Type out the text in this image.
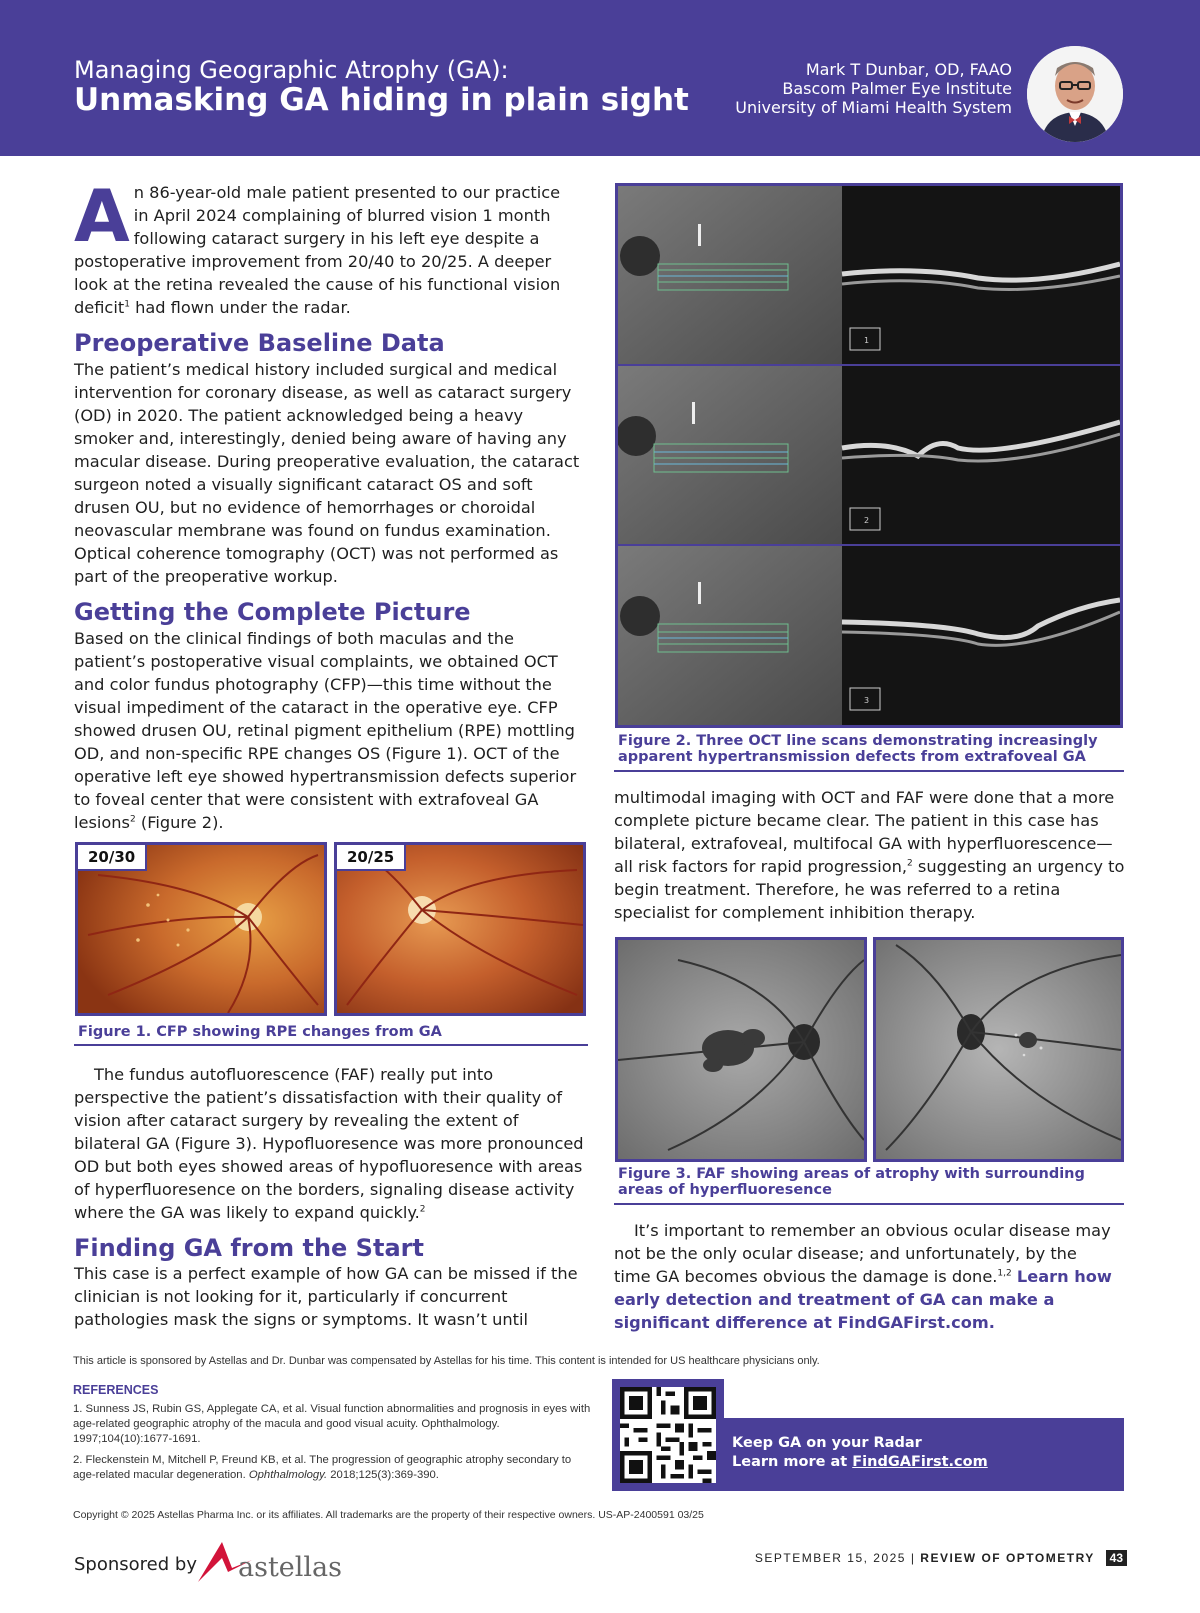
Managing Geographic Atrophy (GA):
Unmasking GA hiding in plain sight
Mark T Dunbar, OD, FAAO
Bascom Palmer Eye Institute
University of Miami Health System
An 86-year-old male patient presented to our practice in April 2024 complaining of blurred vision 1 month following cataract surgery in his left eye despite a postoperative improvement from 20/40 to 20/25. A deeper look at the retina revealed the cause of his functional vision deficit$^1$ had flown under the radar.
Preoperative Baseline Data
The patient’s medical history included surgical and medical intervention for coronary disease, as well as cataract surgery (OD) in 2020. The patient acknowledged being a heavy smoker and, interestingly, denied being aware of having any macular disease. During preoperative evaluation, the cataract surgeon noted a visually significant cataract OS and soft drusen OU, but no evidence of hemorrhages or choroidal neovascular membrane was found on fundus examination. Optical coherence tomography (OCT) was not performed as part of the preoperative workup.
Getting the Complete Picture
Based on the clinical findings of both maculas and the patient’s postoperative visual complaints, we obtained OCT and color fundus photography (CFP)—this time without the visual impediment of the cataract in the operative eye. CFP showed drusen OU, retinal pigment epithelium (RPE) mottling OD, and non-specific RPE changes OS (Figure 1). OCT of the operative left eye showed hypertransmission defects superior to foveal center that were consistent with extrafoveal GA lesions$^2$ (Figure 2).
20/30	20/25
Figure 1. CFP showing RPE changes from GA
The fundus autofluorescence (FAF) really put into perspective the patient’s dissatisfaction with their quality of vision after cataract surgery by revealing the extent of bilateral GA (Figure 3). Hypofluoresence was more pronounced OD but both eyes showed areas of hypofluoresence with areas of hyperfluoresence on the borders, signaling disease activity where the GA was likely to expand quickly.$^2$
Finding GA from the Start
This case is a perfect example of how GA can be missed if the clinician is not looking for it, particularly if concurrent pathologies mask the signs or symptoms. It wasn’t until
1
2
3
Figure 2. Three OCT line scans demonstrating increasingly apparent hypertransmission defects from extrafoveal GA
multimodal imaging with OCT and FAF were done that a more complete picture became clear. The patient in this case has bilateral, extrafoveal, multifocal GA with hyperfluorescence—all risk factors for rapid progression,$^2$ suggesting an urgency to begin treatment. Therefore, he was referred to a retina specialist for complement inhibition therapy.
Figure 3. FAF showing areas of atrophy with surrounding areas of hyperfluoresence
It’s important to remember an obvious ocular disease may not be the only ocular disease; and unfortunately, by the time GA becomes obvious the damage is done.$^{1,2}$ Learn how early detection and treatment of GA can make a significant difference at FindGAFirst.com.
This article is sponsored by Astellas and Dr. Dunbar was compensated by Astellas for his time. This content is intended for US healthcare physicians only.
REFERENCES
1. Sunness JS, Rubin GS, Applegate CA, et al. Visual function abnormalities and prognosis in eyes with age-related geographic atrophy of the macula and good visual acuity. Ophthalmology. 1997;104(10):1677-1691.
2. Fleckenstein M, Mitchell P, Freund KB, et al. The progression of geographic atrophy secondary to age-related macular degeneration. Ophthalmology. 2018;125(3):369-390.
Copyright © 2025 Astellas Pharma Inc. or its affiliates. All trademarks are the property of their respective owners. US-AP-2400591 03/25
Keep GA on your Radar
Learn more at FindGAFirst.com
Sponsored by astellas	SEPTEMBER 15, 2025 | REVIEW OF OPTOMETRY 43
